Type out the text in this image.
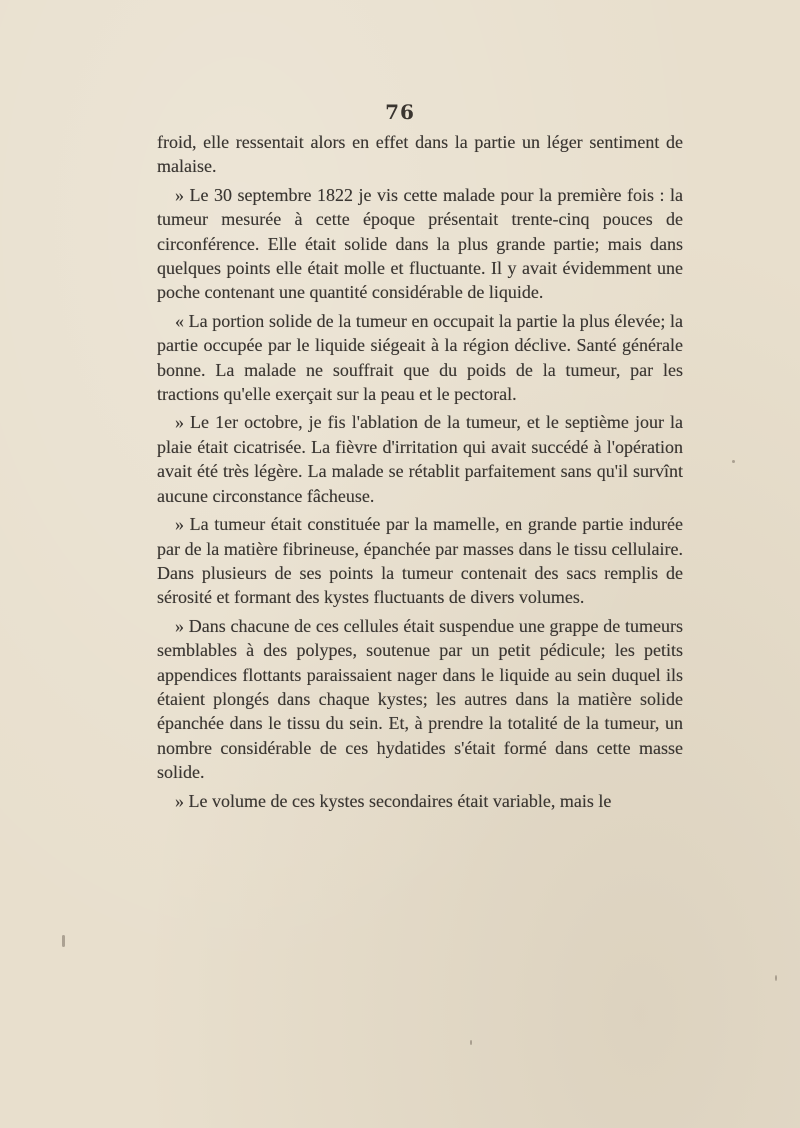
76

froid, elle ressentait alors en effet dans la partie un léger sentiment de malaise.

» Le 30 septembre 1822 je vis cette malade pour la première fois : la tumeur mesurée à cette époque présentait trente-cinq pouces de circonférence. Elle était solide dans la plus grande partie; mais dans quelques points elle était molle et fluctuante. Il y avait évidemment une poche contenant une quantité considérable de liquide.

« La portion solide de la tumeur en occupait la partie la plus élevée; la partie occupée par le liquide siégeait à la région déclive. Santé générale bonne. La malade ne souffrait que du poids de la tumeur, par les tractions qu'elle exerçait sur la peau et le pectoral.

» Le 1er octobre, je fis l'ablation de la tumeur, et le septième jour la plaie était cicatrisée. La fièvre d'irritation qui avait succédé à l'opération avait été très légère. La malade se rétablit parfaitement sans qu'il survînt aucune circonstance fâcheuse.

» La tumeur était constituée par la mamelle, en grande partie indurée par de la matière fibrineuse, épanchée par masses dans le tissu cellulaire. Dans plusieurs de ses points la tumeur contenait des sacs remplis de sérosité et formant des kystes fluctuants de divers volumes.

» Dans chacune de ces cellules était suspendue une grappe de tumeurs semblables à des polypes, soutenue par un petit pédicule; les petits appendices flottants paraissaient nager dans le liquide au sein duquel ils étaient plongés dans chaque kystes; les autres dans la matière solide épanchée dans le tissu du sein. Et, à prendre la totalité de la tumeur, un nombre considérable de ces hydatides s'était formé dans cette masse solide.

» Le volume de ces kystes secondaires était variable, mais le
